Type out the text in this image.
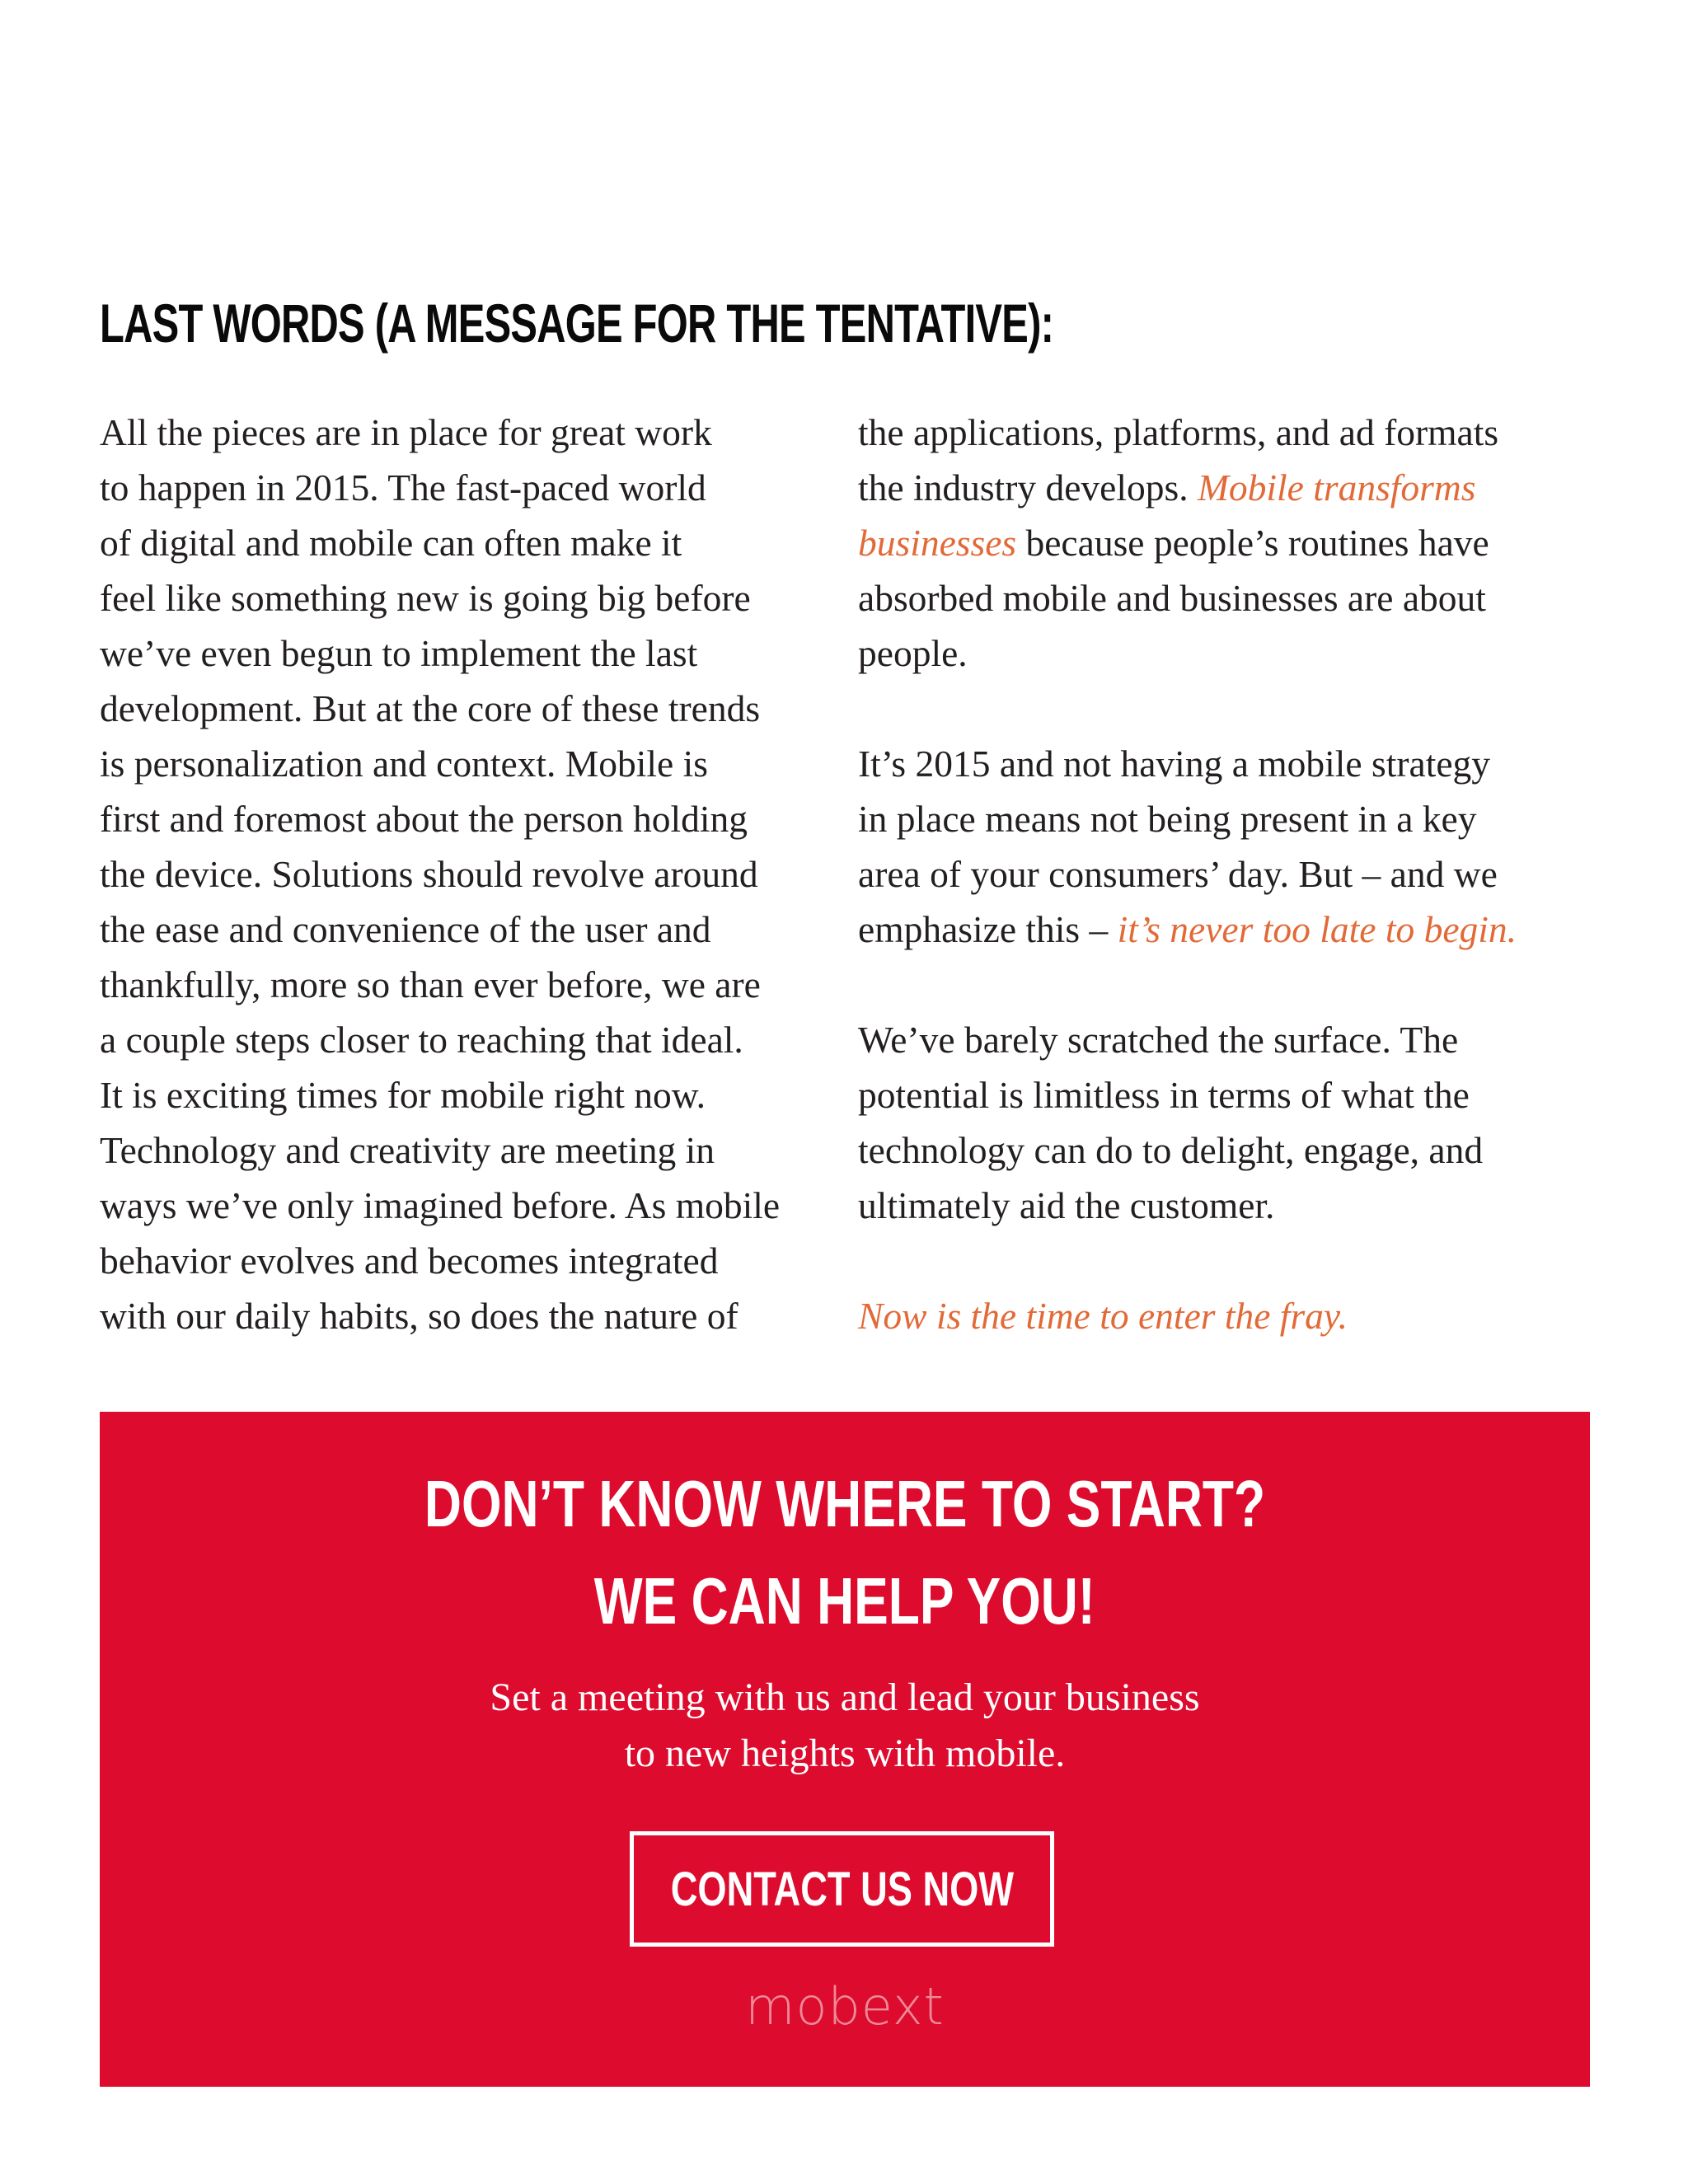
LAST WORDS (A MESSAGE FOR THE TENTATIVE):
All the pieces are in place for great work
to happen in 2015. The fast-paced world
of digital and mobile can often make it
feel like something new is going big before
we’ve even begun to implement the last
development. But at the core of these trends
is personalization and context. Mobile is
first and foremost about the person holding
the device. Solutions should revolve around
the ease and convenience of the user and
thankfully, more so than ever before, we are
a couple steps closer to reaching that ideal.
It is exciting times for mobile right now.
Technology and creativity are meeting in
ways we’ve only imagined before. As mobile
behavior evolves and becomes integrated
with our daily habits, so does the nature of
the applications, platforms, and ad formats
the industry develops. Mobile transforms
businesses because people’s routines have
absorbed mobile and businesses are about
people.
It’s 2015 and not having a mobile strategy
in place means not being present in a key
area of your consumers’ day. But – and we
emphasize this – it’s never too late to begin.
We’ve barely scratched the surface. The
potential is limitless in terms of what the
technology can do to delight, engage, and
ultimately aid the customer.
Now is the time to enter the fray.
DON’T KNOW WHERE TO START?
WE CAN HELP YOU!
Set a meeting with us and lead your business
to new heights with mobile.
CONTACT US NOW
mobext
